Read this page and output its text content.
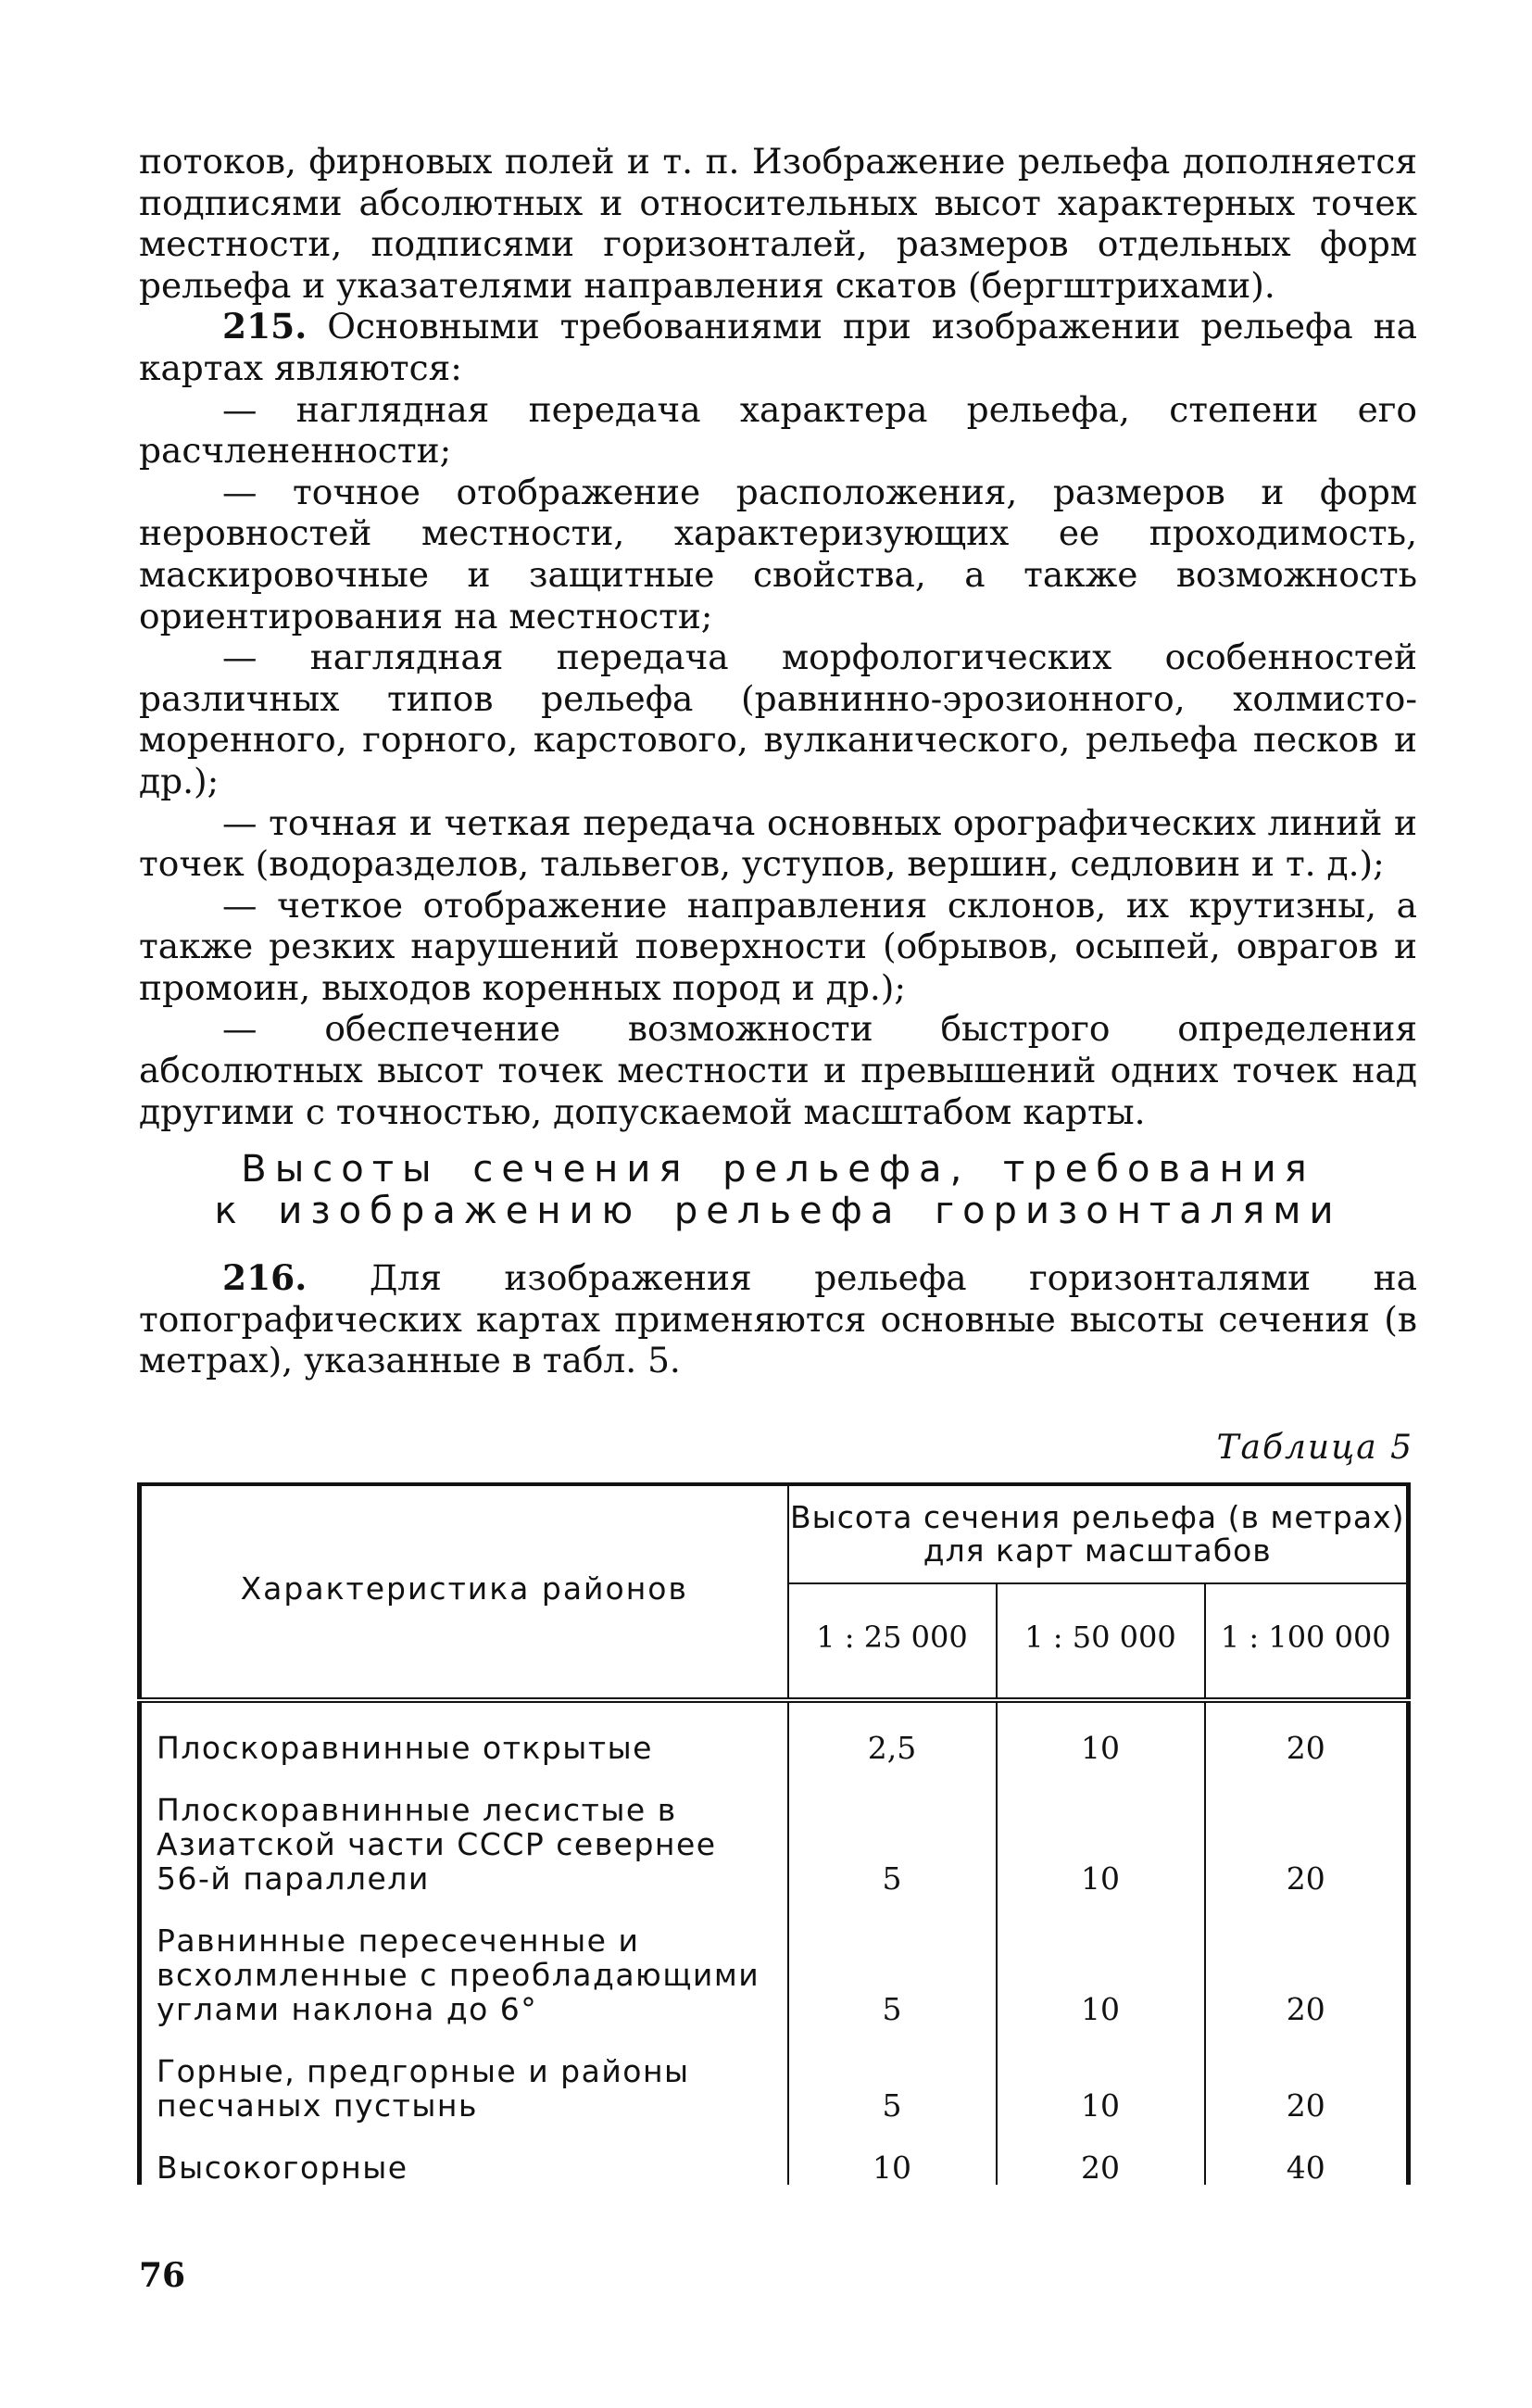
потоков, фирновых полей и т. п. Изображение рельефа дополняется подписями абсолютных и относительных высот характерных точек местности, подписями горизонталей, размеров отдельных форм рельефа и указателями направления скатов (бергштрихами).

215. Основными требованиями при изображении рельефа на картах являются:

— наглядная передача характера рельефа, степени его расчлененности;

— точное отображение расположения, размеров и форм неровностей местности, характеризующих ее проходимость, маскировочные и защитные свойства, а также возможность ориентирования на местности;

— наглядная передача морфологических особенностей различных типов рельефа (равнинно-эрозионного, холмисто-моренного, горного, карстового, вулканического, рельефа песков и др.);

— точная и четкая передача основных орографических линий и точек (водоразделов, тальвегов, уступов, вершин, седловин и т. д.);

— четкое отображение направления склонов, их крутизны, а также резких нарушений поверхности (обрывов, осыпей, оврагов и промоин, выходов коренных пород и др.);

— обеспечение возможности быстрого определения абсолютных высот точек местности и превышений одних точек над другими с точностью, допускаемой масштабом карты.

Высоты сечения рельефа, требования
к изображению рельефа горизонталями

216. Для изображения рельефа горизонталями на топографических картах применяются основные высоты сечения (в метрах), указанные в табл. 5.

Таблица 5
Характеристика районов	Высота сечения рельефа (в метрах) для карт масштабов		
	1 : 25 000	1 : 50 000	1 : 100 000

Плоскоравнинные открытые	2,5	10	20
Плоскоравнинные лесистые в Азиатской части СССР севернее 56-й параллели	5	10	20
Равнинные пересеченные и всхолмленные с преобладающими углами наклона до 6°	5	10	20
Горные, предгорные и районы песчаных пустынь	5	10	20
Высокогорные	10	20	40
76
